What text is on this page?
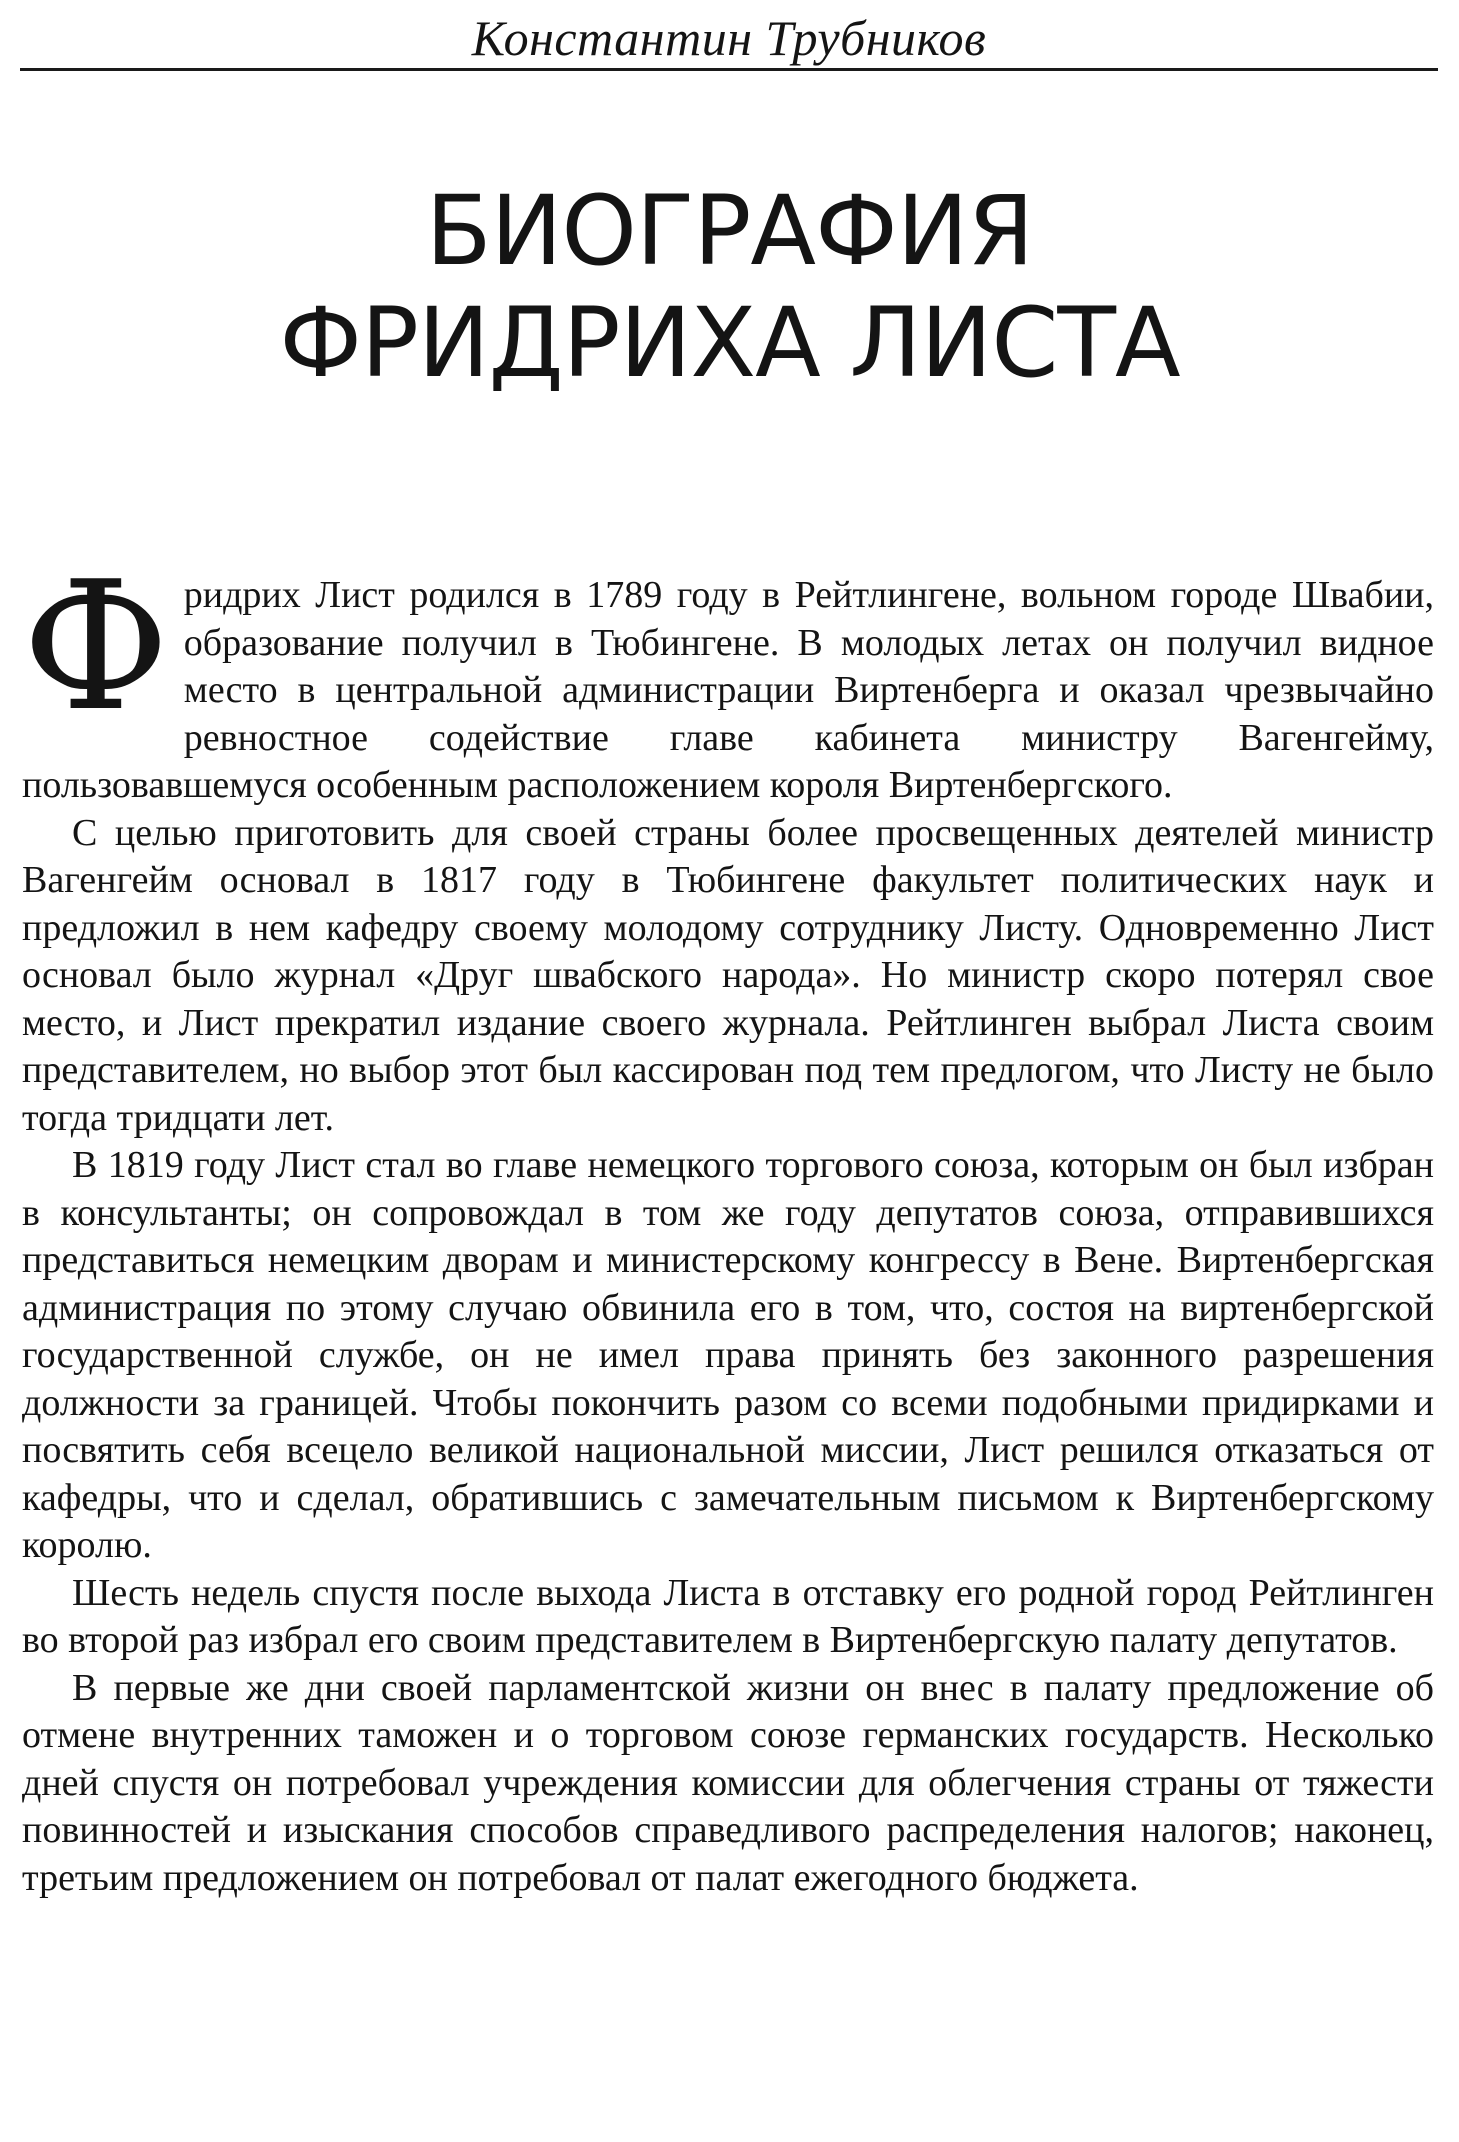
Константин Трубников
БИОГРАФИЯ
ФРИДРИХА ЛИСТА

Фридрих Лист родился в 1789 году в Рейтлингене, вольном городе Швабии, образование получил в Тюбингене. В молодых летах он получил видное место в центральной администрации Виртенберга и оказал чрезвычайно ревностное содействие главе кабинета министру Вагенгейму, пользовавшемуся особенным расположением короля Виртенбергского.

С целью приготовить для своей страны более просвещенных деятелей министр Вагенгейм основал в 1817 году в Тюбингене факультет политических наук и предложил в нем кафедру своему молодому сотруднику Листу. Одновременно Лист основал было журнал «Друг швабского народа». Но министр скоро потерял свое место, и Лист прекратил издание своего журнала. Рейтлинген выбрал Листа своим представителем, но выбор этот был кассирован под тем предлогом, что Листу не было тогда тридцати лет.

В 1819 году Лист стал во главе немецкого торгового союза, которым он был избран в консультанты; он сопровождал в том же году депутатов союза, отправившихся представиться немецким дворам и министерскому конгрессу в Вене. Виртенбергская администрация по этому случаю обвинила его в том, что, состоя на виртенбергской государственной службе, он не имел права принять без законного разрешения должности за границей. Чтобы покончить разом со всеми подобными придирками и посвятить себя всецело великой национальной миссии, Лист решился отказаться от кафедры, что и сделал, обратившись с замечательным письмом к Виртенбергскому королю.

Шесть недель спустя после выхода Листа в отставку его родной город Рейтлинген во второй раз избрал его своим представителем в Виртенбергскую палату депутатов.

В первые же дни своей парламентской жизни он внес в палату предложение об отмене внутренних таможен и о торговом союзе германских государств. Несколько дней спустя он потребовал учреждения комиссии для облегчения страны от тяжести повинностей и изыскания способов справедливого распределения налогов; наконец, третьим предложением он потребовал от палат ежегодного бюджета.
